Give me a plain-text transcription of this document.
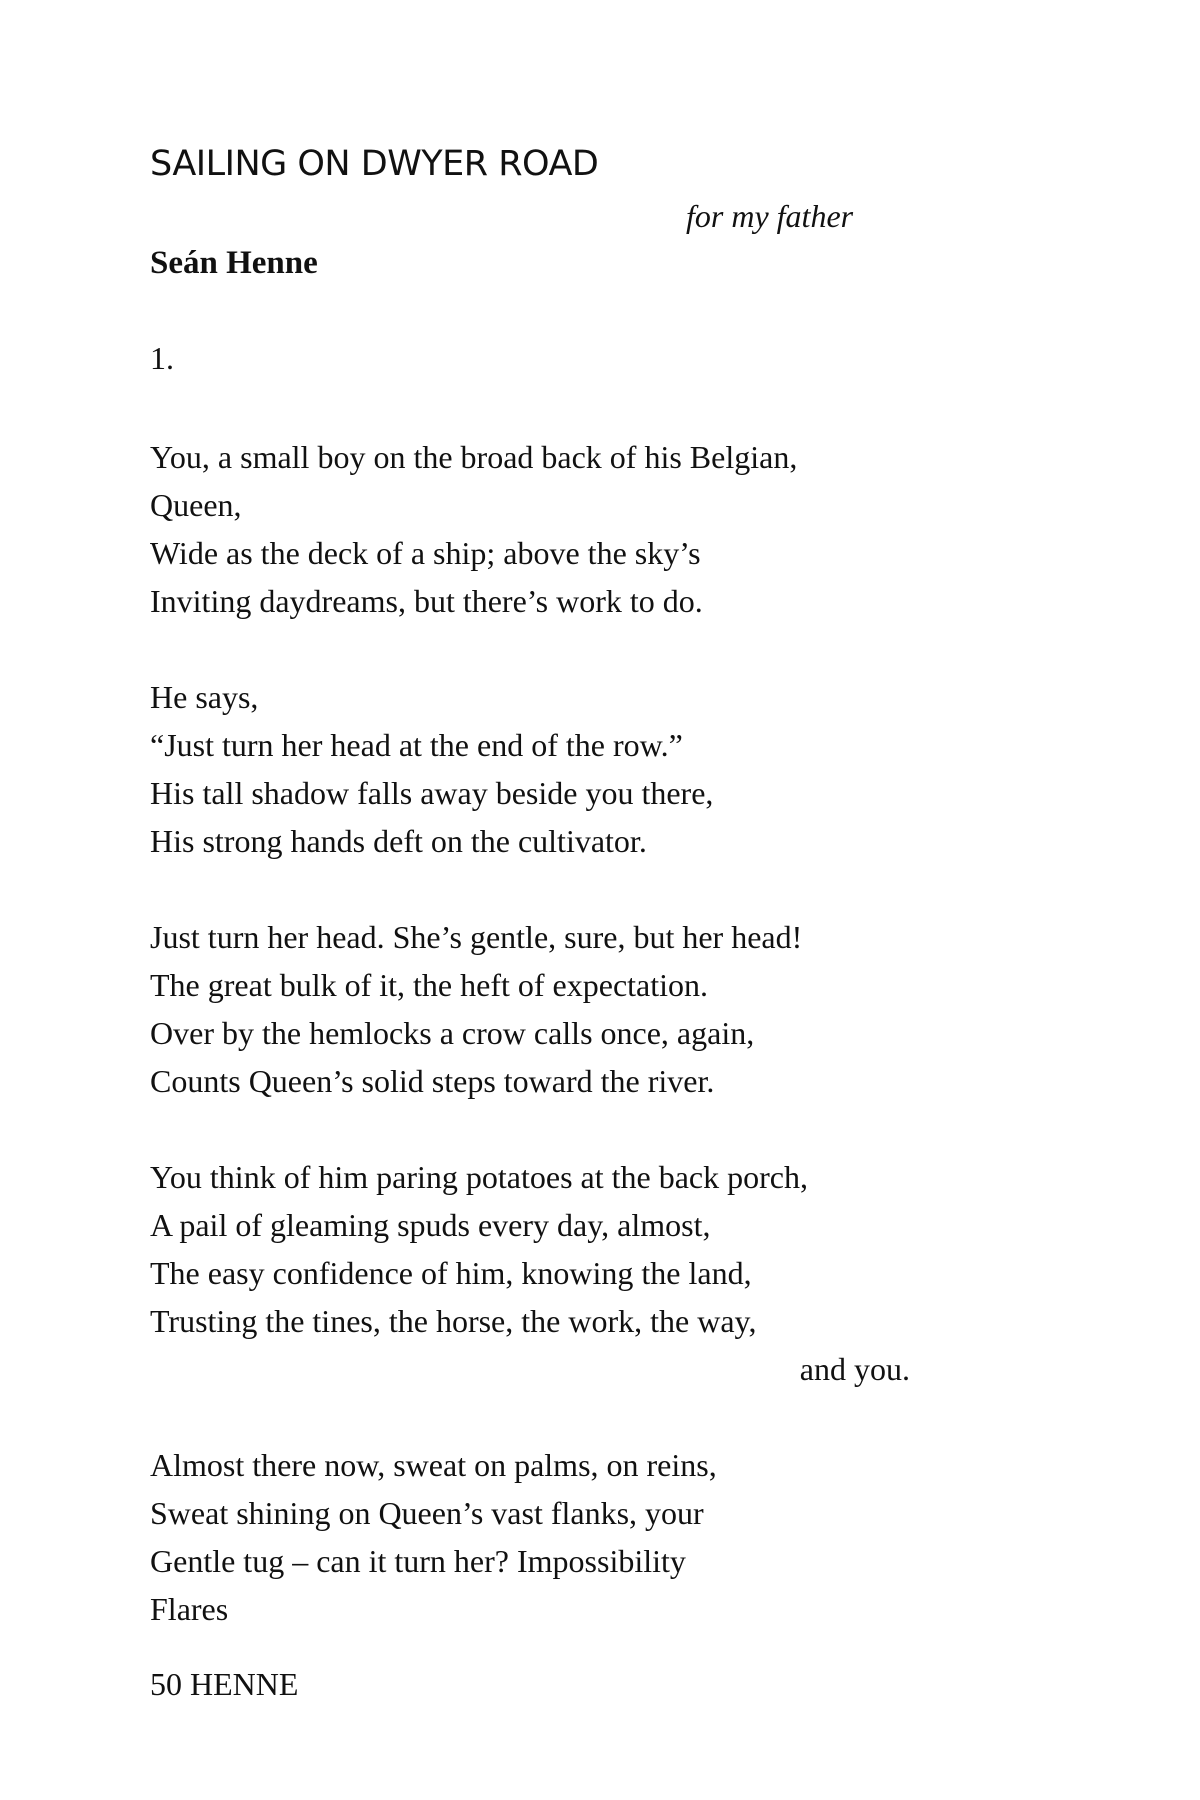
SAILING ON DWYER ROAD
for my father
Seán Henne
1.
You, a small boy on the broad back of his Belgian,
Queen,
Wide as the deck of a ship; above the sky’s
Inviting daydreams, but there’s work to do.
He says,
“Just turn her head at the end of the row.”
His tall shadow falls away beside you there,
His strong hands deft on the cultivator.
Just turn her head. She’s gentle, sure, but her head!
The great bulk of it, the heft of expectation.
Over by the hemlocks a crow calls once, again,
Counts Queen’s solid steps toward the river.
You think of him paring potatoes at the back porch,
A pail of gleaming spuds every day, almost,
The easy confidence of him, knowing the land,
Trusting the tines, the horse, the work, the way,
and you.
Almost there now, sweat on palms, on reins,
Sweat shining on Queen’s vast flanks, your
Gentle tug – can it turn her? Impossibility
Flares
50 HENNE
